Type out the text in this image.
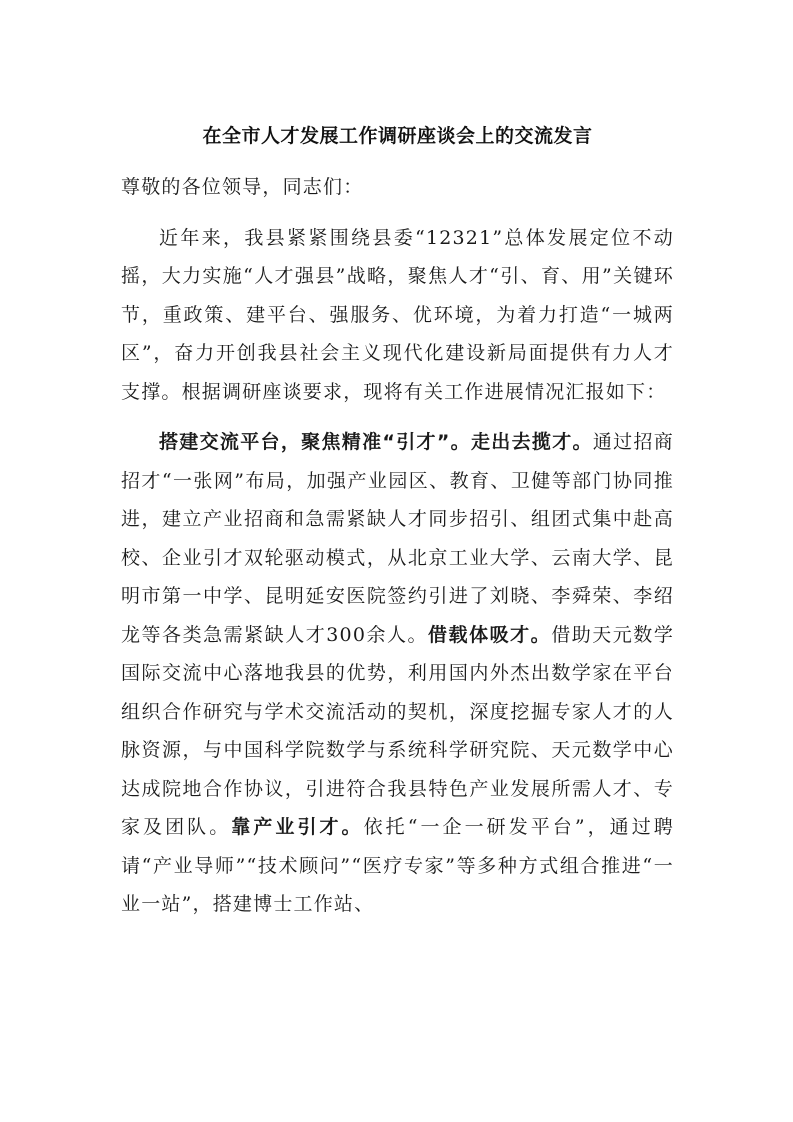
在全市人才发展工作调研座谈会上的交流发言

尊敬的各位领导，同志们：

近年来，我县紧紧围绕县委“12321”总体发展定位不动摇，大力实施“人才强县”战略，聚焦人才“引、育、用”关键环节，重政策、建平台、强服务、优环境，为着力打造“一城两区”，奋力开创我县社会主义现代化建设新局面提供有力人才支撑。根据调研座谈要求，现将有关工作进展情况汇报如下：

搭建交流平台，聚焦精准“引才”。走出去揽才。通过招商招才“一张网”布局，加强产业园区、教育、卫健等部门协同推进，建立产业招商和急需紧缺人才同步招引、组团式集中赴高校、企业引才双轮驱动模式，从北京工业大学、云南大学、昆明市第一中学、昆明延安医院签约引进了刘晓、李舜荣、李绍龙等各类急需紧缺人才300余人。借载体吸才。借助天元数学国际交流中心落地我县的优势，利用国内外杰出数学家在平台组织合作研究与学术交流活动的契机，深度挖掘专家人才的人脉资源，与中国科学院数学与系统科学研究院、天元数学中心达成院地合作协议，引进符合我县特色产业发展所需人才、专家及团队。靠产业引才。依托“一企一研发平台”，通过聘请“产业导师”“技术顾问”“医疗专家”等多种方式组合推进“一业一站”，搭建博士工作站、
